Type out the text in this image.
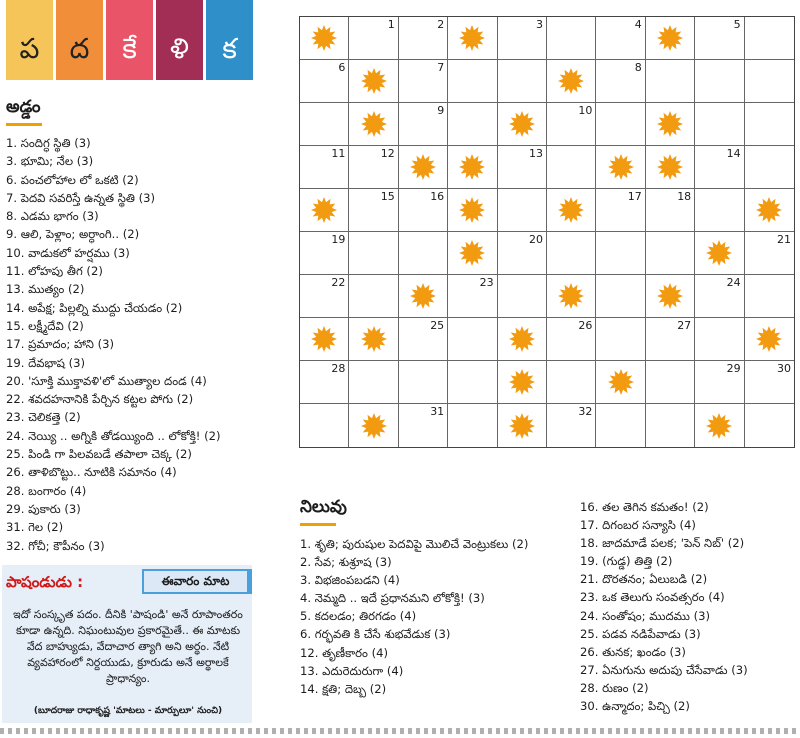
ప	ద	కే	ళి	క
అడ్డం
1. సందిగ్ధ స్థితి (3)
3. భూమి; నేల (3)
6. పంచలోహాల లో ఒకటి (2)
7. పెదవి సవరిస్తే ఉన్నత స్థితి (3)
8. ఎడమ భాగం (3)
9. ఆలి, పెళ్లాం; అర్ధాంగి.. (2)
10. వాడుకలో హర్షము (3)
11. లోహపు తీగ (2)
13. ముత్యం (2)
14. అపేక్ష; పిల్లల్ని ముద్దు చేయడం (2)
15. లక్ష్మీదేవి (2)
17. ప్రమాదం; హాని (3)
19. దేవభాష (3)
20. 'సూక్తి ముక్తావళి'లో ముత్యాల దండ (4)
22. శవదహనానికి పేర్చిన కట్టల పోగు (2)
23. చెలికత్తె (2)
24. నెయ్యి .. అగ్నికి తోడయ్యింది .. లోకోక్తి! (2)
25. పిండి గా పిలవబడే తపాలా చెక్క (2)
26. తాళిబొట్టు.. నూటికి సమానం (4)
28. బంగారం (4)
29. పుకారు (3)
31. గెల (2)
32. గోచీ; కౌపీనం (3)
1	2	3	4	5
6	7	8
9	10
11	12	13	14
15	16	17	18
19	20	21
22	23	24
25	26	27
28	29	30
31	32
నిలువు
1. శృతి; పురుషుల పెదవిపై మొలిచే వెంట్రుకలు (2)
2. సేవ; శుశ్రూష (3)
3. విభజింపబడని (4)
4. నెమ్మది .. ఇదే ప్రధానమని లోకోక్తి! (3)
5. కదలడం; తిరగడం (4)
6. గర్భవతి కి చేసే శుభవేడుక (3)
12. తృణీకారం (4)
13. ఎదురెదురుగా (4)
14. క్షతి; దెబ్బ (2)
16. తల తెగిన కమతం! (2)
17. దిగంబర సన్యాసి (4)
18. జాదమాడే పలక; 'పెన్ నిబ్' (2)
19. (గుడ్డ) తిత్తి (2)
21. దొరతనం; ఏలుబడి (2)
23. ఒక తెలుగు సంవత్సరం (4)
24. సంతోషం; ముదము (3)
25. పడవ నడిపేవాడు (3)
26. తునక; ఖండం (3)
27. ఏనుగును అదుపు చేసేవాడు (3)
28. రుణం (2)
30. ఉన్మాదం; పిచ్చి (2)
పాషండుడు :	ఈవారం మాట
ఇదో సంస్కృత పదం. దీనికి 'పాషండి' అనే రూపాంతరం కూడా ఉన్నది. నిఘంటువుల ప్రకారమైతే.. ఈ మాటకు వేద బాహ్యుడు, వేదాచార త్యాగి అని అర్థం. నేటి వ్యవహారంలో నిర్దయుడు, క్రూరుడు అనే అర్థాలకే ప్రాధాన్యం.
(బూదరాజు రాధాకృష్ణ 'మాటలు - మార్పులూ' నుంచి)
